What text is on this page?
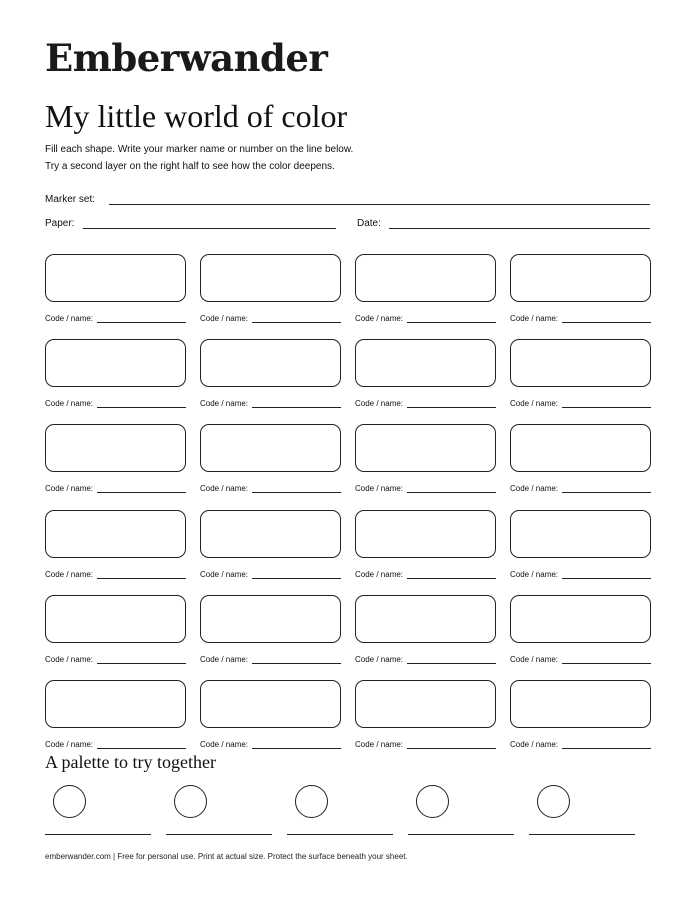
Emberwander
My little world of color
Fill each shape. Write your marker name or number on the line below.
Try a second layer on the right half to see how the color deepens.
Marker set:
Paper:	Date:
Code / name:	Code / name:	Code / name:	Code / name:
Code / name:	Code / name:	Code / name:	Code / name:
Code / name:	Code / name:	Code / name:	Code / name:
Code / name:	Code / name:	Code / name:	Code / name:
Code / name:	Code / name:	Code / name:	Code / name:
Code / name:	Code / name:	Code / name:	Code / name:
A palette to try together
emberwander.com | Free for personal use. Print at actual size. Protect the surface beneath your sheet.
